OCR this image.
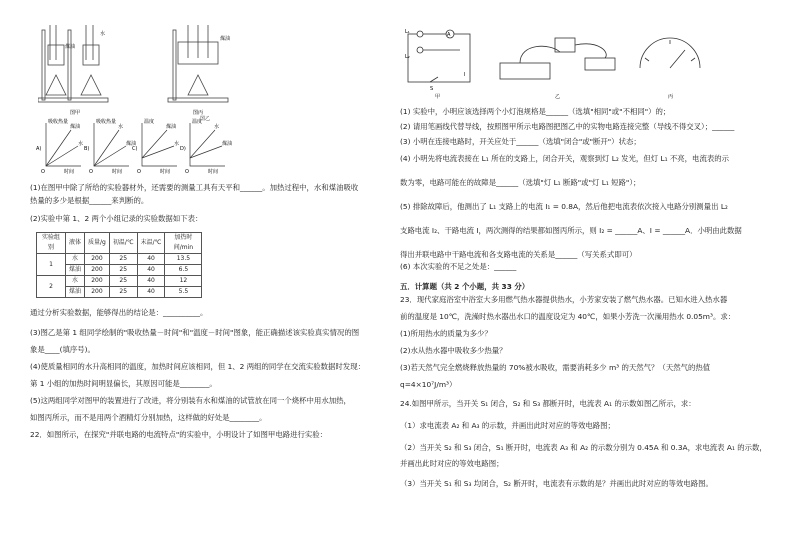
煤油
水
煤油
图甲	图丙
A)	B)	C)	D)
吸收热量	吸收热量	温度	温度
煤油
水
水
煤油
煤油
水
水
煤油
O	O	O	O
时间	时间	时间	时间
图乙

(1)在图甲中除了所给的实验器材外，还需要的测量工具有天平和______。加热过程中，水和煤油吸收

热量的多少是根据______来判断的。

(2)实验中第 1、2 两个小组记录的实验数据如下表：

实验组别	液体	质量/g	初温/℃	末温/℃	加热时间/min
1	水	200	25	40	13.5
	煤油	200	25	40	6.5
2	水	200	25	40	12
	煤油	200	25	40	5.5

通过分析实验数据，能够得出的结论是：__________。

(3)图乙是第 1 组同学绘制的"吸收热量－时间"和"温度－时间"图象，能正确描述该实验真实情况的图

象是____(填序号)。

(4)使质量相同的水升高相同的温度，加热时间应该相同，但 1、2 两组的同学在交流实验数据时发现：

第 1 小组的加热时间明显偏长，其原因可能是________。

(5)这两组同学对图甲的装置进行了改进，将分别装有水和煤油的试管放在同一个烧杯中用水加热，

如图丙所示，而不是用两个酒精灯分别加热，这样做的好处是________。

22．如图所示，在探究"并联电路的电流特点"的实验中，小明设计了如图甲电路进行实验：

L₁	A
L₂
S
I
甲	乙	丙

(1) 实验中，小明应该选择两个小灯泡规格是______（选填"相同"或"不相同"）的；

(2) 请用笔画线代替导线，按照图甲所示电路图把图乙中的实物电路连接完整（导线不得交叉）；______

(3) 小明在连接电路时，开关应处于______（选填"闭合"或"断开"）状态；

(4) 小明先将电流表接在 L₁ 所在的支路上，闭合开关，观察到灯 L₂ 发光，但灯 L₁ 不亮，电流表的示

数为零，电路可能在的故障是______（选填"灯 L₁ 断路"或"灯 L₁ 短路"）；

(5) 排除故障后，他测出了 L₁ 支路上的电流 I₁ = 0.8A，然后他把电流表依次接入电路分别测量出 L₂

支路电流 I₂、干路电流 I，两次测得的结果都如图丙所示，则 I₂ = ______A、I = ______A．小明由此数据

得出并联电路中干路电流和各支路电流的关系是______（写关系式即可）

(6) 本次实验的不足之处是：______

五．计算题（共 2 个小题，共 33 分）

23．现代家庭浴室中浴室大多用燃气热水器提供热水，小芳家安装了燃气热水器。已知水进入热水器

前的温度是 10℃，洗澡时热水器出水口的温度设定为 40℃，如果小芳洗一次澡用热水 0.05m³。求：

(1)所用热水的质量为多少？

(2)水从热水器中吸收多少热量？

(3)若天然气完全燃烧释放热量的 70%被水吸收，需要消耗多少 m³ 的天然气？（天然气的热值

q=4×10⁷J/m³）

24.如图甲所示，当开关 S₁ 闭合，S₂ 和 S₃ 都断开时，电流表 A₁ 的示数如图乙所示，求：

（1）求电流表 A₂ 和 A₃ 的示数，并画出此时对应的等效电路图；

（2）当开关 S₂ 和 S₃ 闭合，S₁ 断开时，电流表 A₃ 和 A₂ 的示数分别为 0.45A 和 0.3A，求电流表 A₁ 的示数，

并画出此时对应的等效电路图；

（3）当开关 S₁ 和 S₃ 均闭合，S₂ 断开时，电流表有示数的是？并画出此时对应的等效电路图。
